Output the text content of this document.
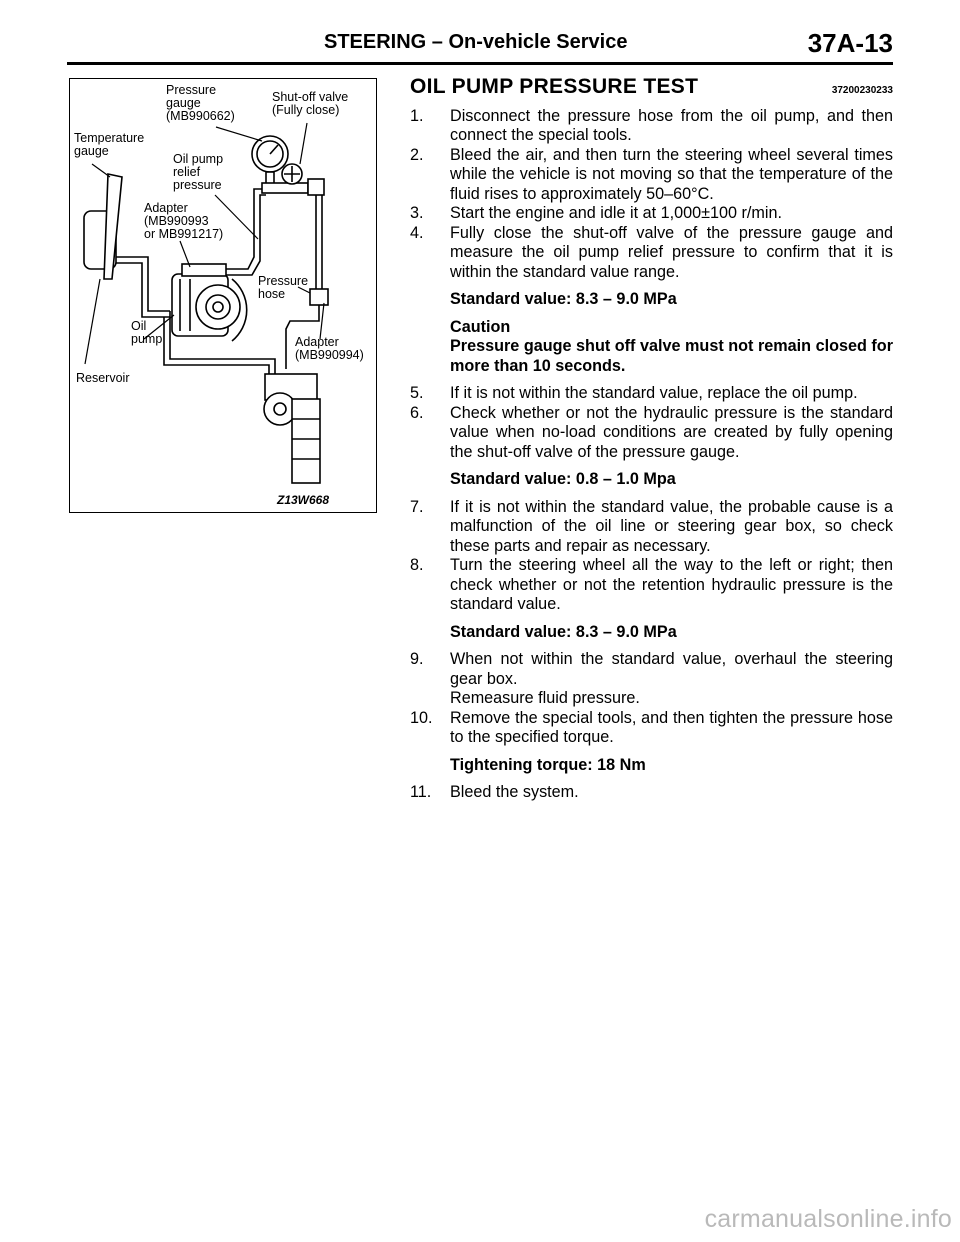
STEERING – On-vehicle Service	37A-13
Pressure
gauge
(MB990662)
Shut-off valve
(Fully close)
Temperature
gauge
Oil pump
relief
pressure
Adapter
(MB990993
or MB991217)
Pressure
hose
Oil
pump	Adapter
(MB990994)
Reservoir
Z13W668
OIL PUMP PRESSURE TEST	37200230233
1.	Disconnect the pressure hose from the oil pump, and then connect the special tools.
2.	Bleed the air, and then turn the steering wheel several times while the vehicle is not moving so that the temperature of the fluid rises to approximately 50–60°C.
3.	Start the engine and idle it at 1,000±100 r/min.
4.	Fully close the shut-off valve of the pressure gauge and measure the oil pump relief pressure to confirm that it is within the standard value range.
Standard value: 8.3 – 9.0 MPa
Caution
Pressure gauge shut off valve must not remain closed for more than 10 seconds.
5.	If it is not within the standard value, replace the oil pump.
6.	Check whether or not the hydraulic pressure is the standard value when no-load conditions are created by fully opening the shut-off valve of the pressure gauge.
Standard value: 0.8 – 1.0 Mpa
7.	If it is not within the standard value, the probable cause is a malfunction of the oil line or steering gear box, so check these parts and repair as necessary.
8.	Turn the steering wheel all the way to the left or right; then check whether or not the retention hydraulic pressure is the standard value.
Standard value: 8.3 – 9.0 MPa
9.	When not within the standard value, overhaul the steering gear box.
Remeasure fluid pressure.
10.	Remove the special tools, and then tighten the pressure hose to the specified torque.
Tightening torque: 18 Nm
11.	Bleed the system.
carmanualsonline.info
